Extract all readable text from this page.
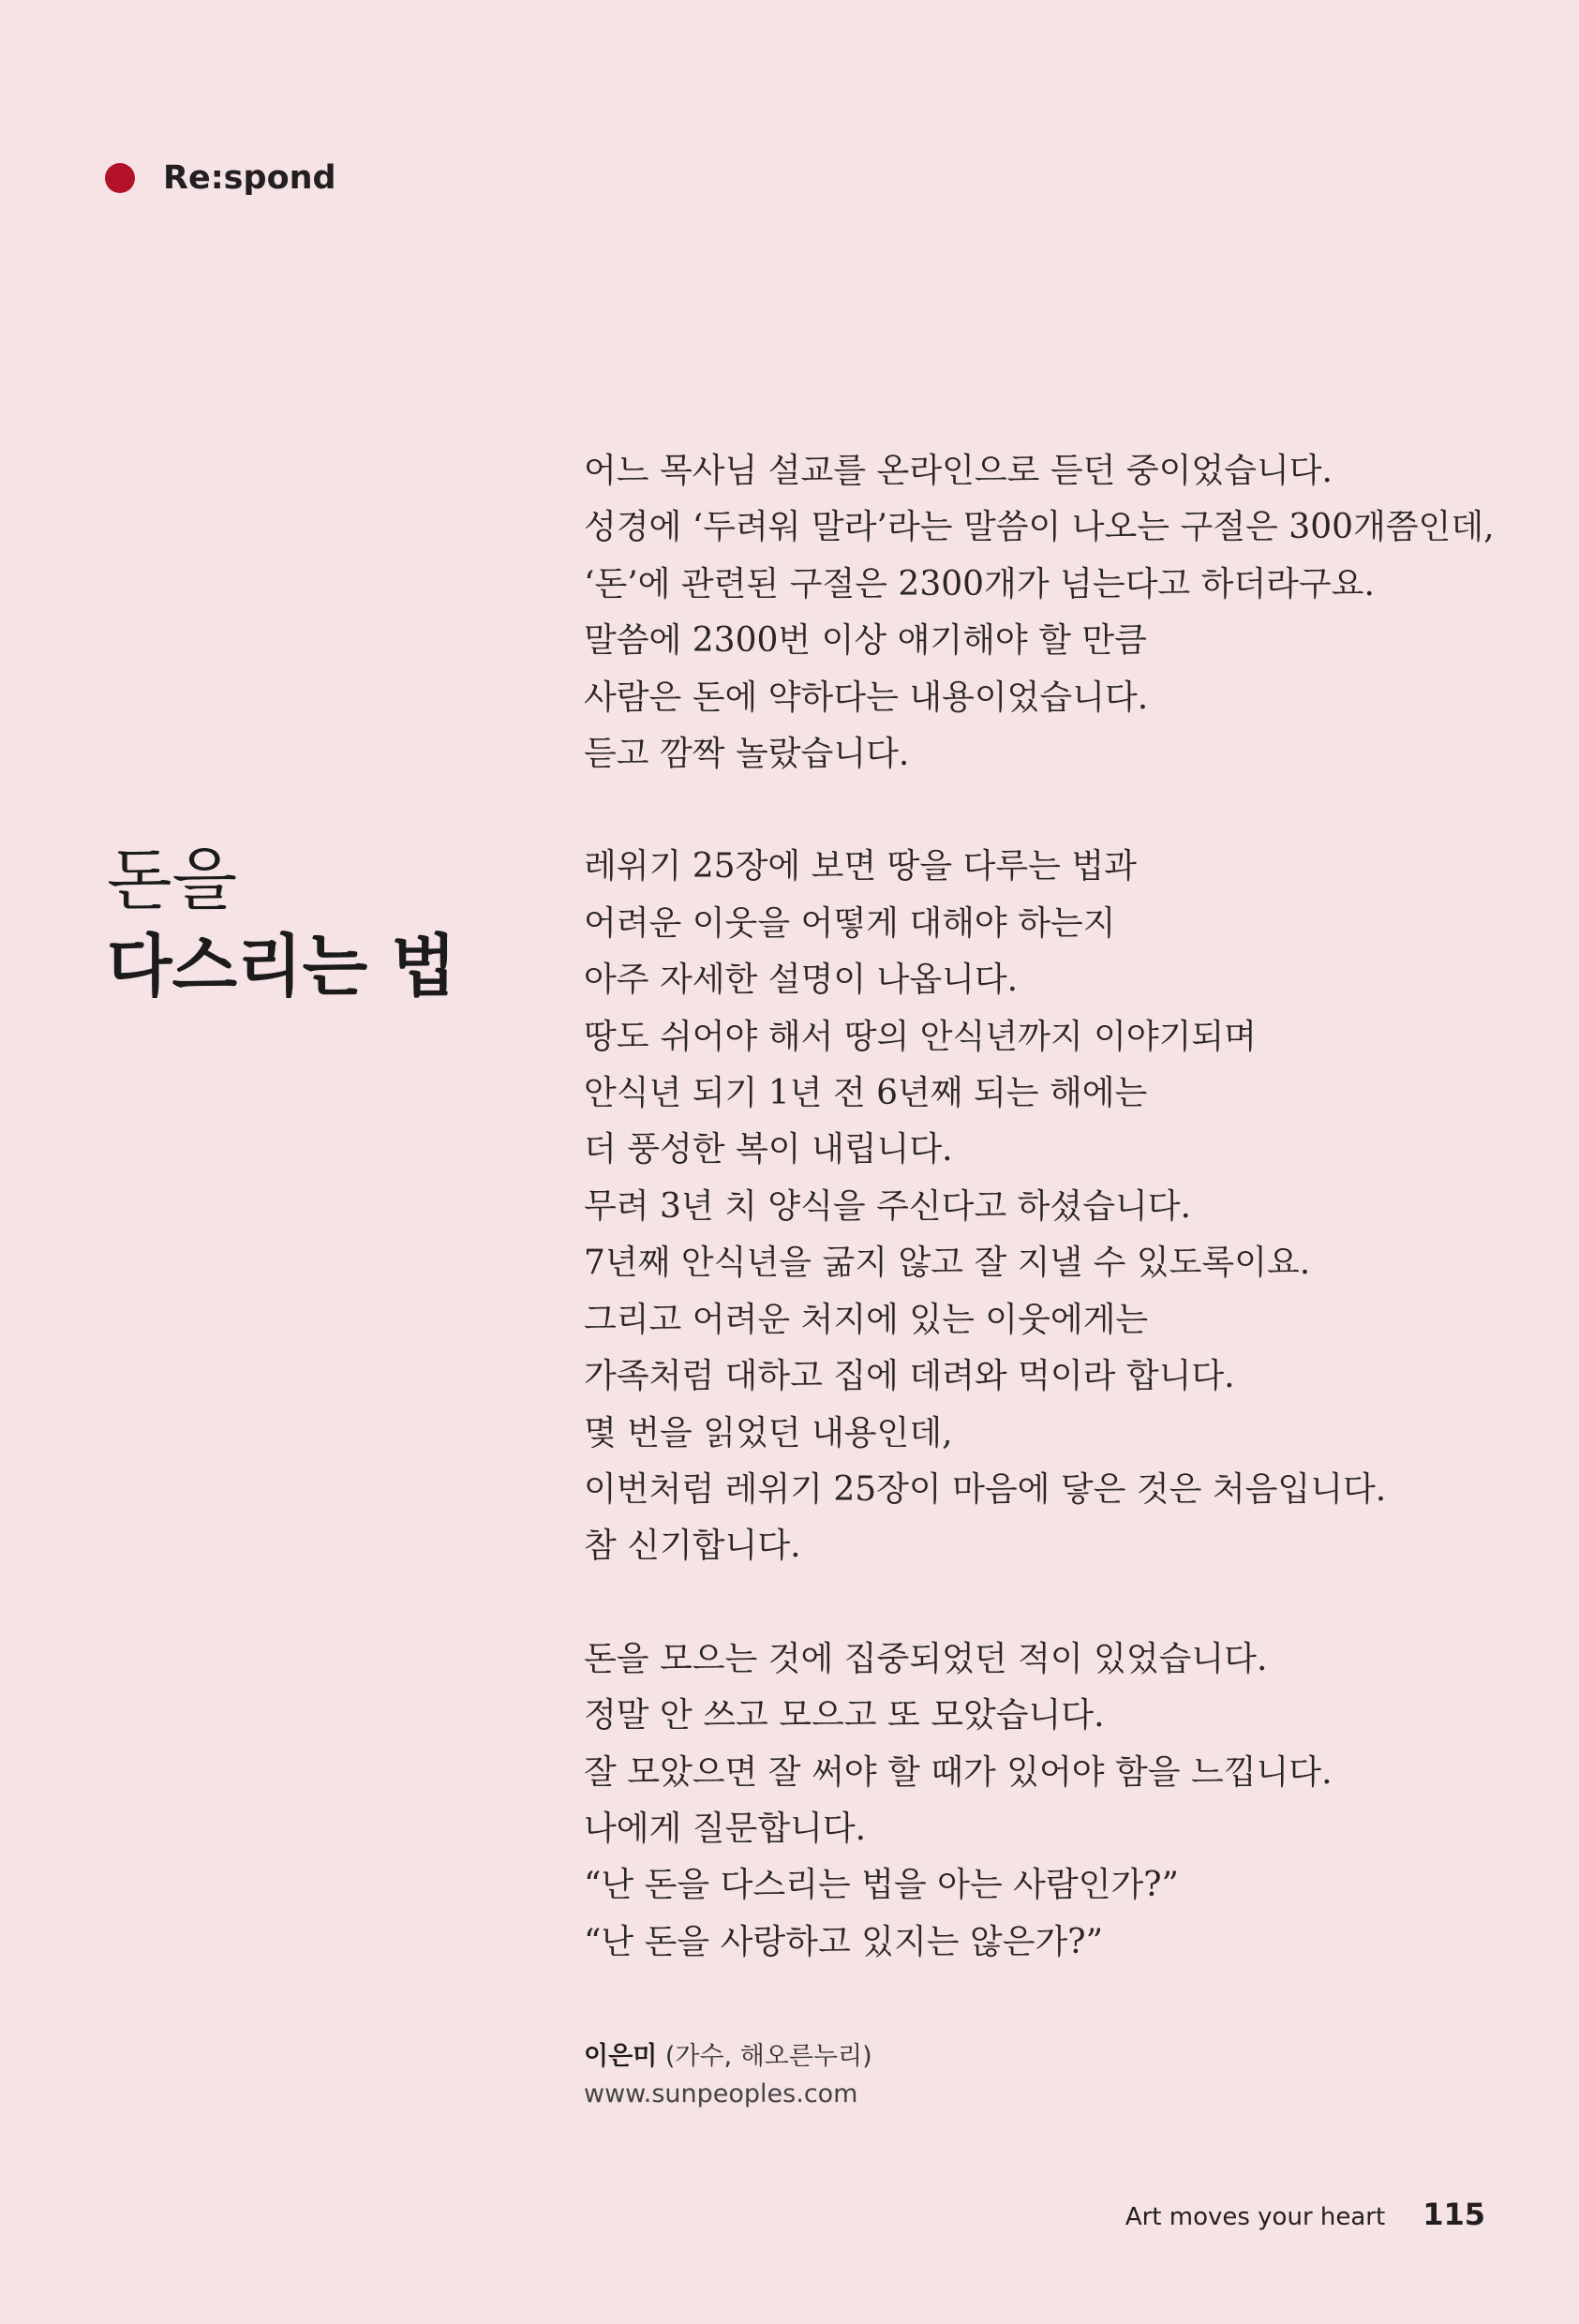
Re:spond
돈을
다스리는 법

어느 목사님 설교를 온라인으로 듣던 중이었습니다.
성경에 ‘두려워 말라’라는 말씀이 나오는 구절은 300개쯤인데,
‘돈’에 관련된 구절은 2300개가 넘는다고 하더라구요.
말씀에 2300번 이상 얘기해야 할 만큼
사람은 돈에 약하다는 내용이었습니다.
듣고 깜짝 놀랐습니다.

레위기 25장에 보면 땅을 다루는 법과
어려운 이웃을 어떻게 대해야 하는지
아주 자세한 설명이 나옵니다.
땅도 쉬어야 해서 땅의 안식년까지 이야기되며
안식년 되기 1년 전 6년째 되는 해에는
더 풍성한 복이 내립니다.
무려 3년 치 양식을 주신다고 하셨습니다.
7년째 안식년을 굶지 않고 잘 지낼 수 있도록이요.
그리고 어려운 처지에 있는 이웃에게는
가족처럼 대하고 집에 데려와 먹이라 합니다.
몇 번을 읽었던 내용인데,
이번처럼 레위기 25장이 마음에 닿은 것은 처음입니다.
참 신기합니다.

돈을 모으는 것에 집중되었던 적이 있었습니다.
정말 안 쓰고 모으고 또 모았습니다.
잘 모았으면 잘 써야 할 때가 있어야 함을 느낍니다.
나에게 질문합니다.
“난 돈을 다스리는 법을 아는 사람인가?”
“난 돈을 사랑하고 있지는 않은가?”

이은미 (가수, 해오른누리)
www.sunpeoples.com
Art moves your heart 115
